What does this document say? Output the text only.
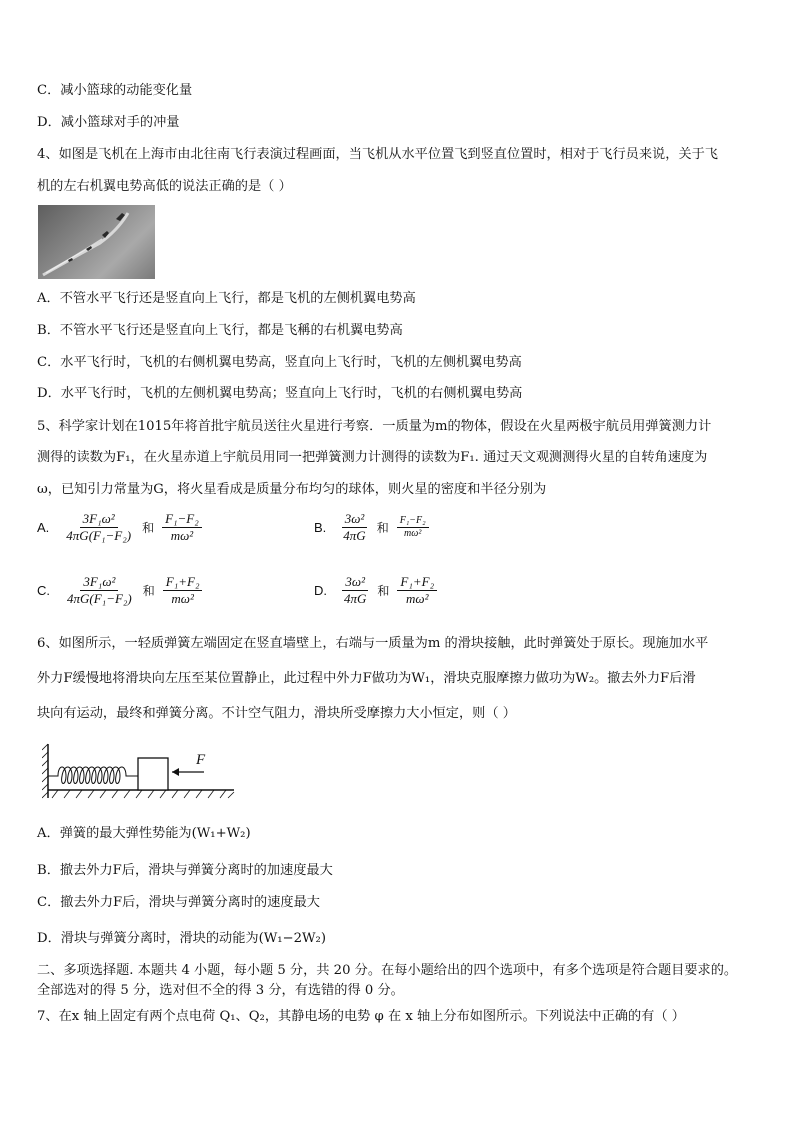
C．减小篮球的动能变化量
D．减小篮球对手的冲量
4、如图是飞机在上海市由北往南飞行表演过程画面，当飞机从水平位置飞到竖直位置时，相对于飞行员来说，关于飞
机的左右机翼电势高低的说法正确的是（ ）
A．不管水平飞行还是竖直向上飞行，都是飞机的左侧机翼电势高
B．不管水平飞行还是竖直向上飞行，都是飞稱的右机翼电势高
C．水平飞行时，飞机的右侧机翼电势高，竖直向上飞行时，飞机的左侧机翼电势高
D．水平飞行时，飞机的左侧机翼电势高；竖直向上飞行时，飞机的右侧机翼电势高
5、科学家计划在1015年将首批宇航员送往火星进行考察．一质量为m的物体，假设在火星两极宇航员用弹簧测力计
测得的读数为F₁，在火星赤道上宇航员用同一把弹簧测力计测得的读数为F₁. 通过天文观测测得火星的自转角速度为
ω，已知引力常量为G，将火星看成是质量分布均匀的球体，则火星的密度和半径分别为
A. $\frac{\text{3F₁ω²}}{\text{4πG(F₁−F₂)}}$ 和 $\frac{\text{F₁−F₂}}{\text{mω²}}$	B. $\frac{\text{3ω²}}{4\pi G}$ 和 $\frac{\text{F₁−F₂}}{\text{mω²}}$
C. $\frac{\text{3F₁ω²}}{\text{4πG(F₁−F₂)}}$ 和 $\frac{\text{F₁+F₂}}{\text{mω²}}$	D. $\frac{\text{3ω²}}{4\pi G}$ 和 $\frac{\text{F₁+F₂}}{\text{mω²}}$
6、如图所示，一轻质弹簧左端固定在竖直墙壁上，右端与一质量为m 的滑块接触，此时弹簧处于原长。现施加水平
外力F缓慢地将滑块向左压至某位置静止，此过程中外力F做功为W₁，滑块克服摩擦力做功为W₂。撤去外力F后滑
块向有运动，最终和弹簧分离。不计空气阻力，滑块所受摩擦力大小恒定，则（ ）
F
A．弹簧的最大弹性势能为(W₁+W₂)
B．撤去外力F后，滑块与弹簧分离时的加速度最大
C．撤去外力F后，滑块与弹簧分离时的速度最大
D．滑块与弹簧分离时，滑块的动能为(W₁−2W₂)
二、多项选择题. 本题共 4 小题，每小题 5 分，共 20 分。在每小题给出的四个选项中，有多个选项是符合题目要求的。
全部选对的得 5 分，选对但不全的得 3 分，有选错的得 0 分。
7、在x 轴上固定有两个点电荷 Q₁、Q₂，其静电场的电势 φ 在 x 轴上分布如图所示。下列说法中正确的有（ ）
